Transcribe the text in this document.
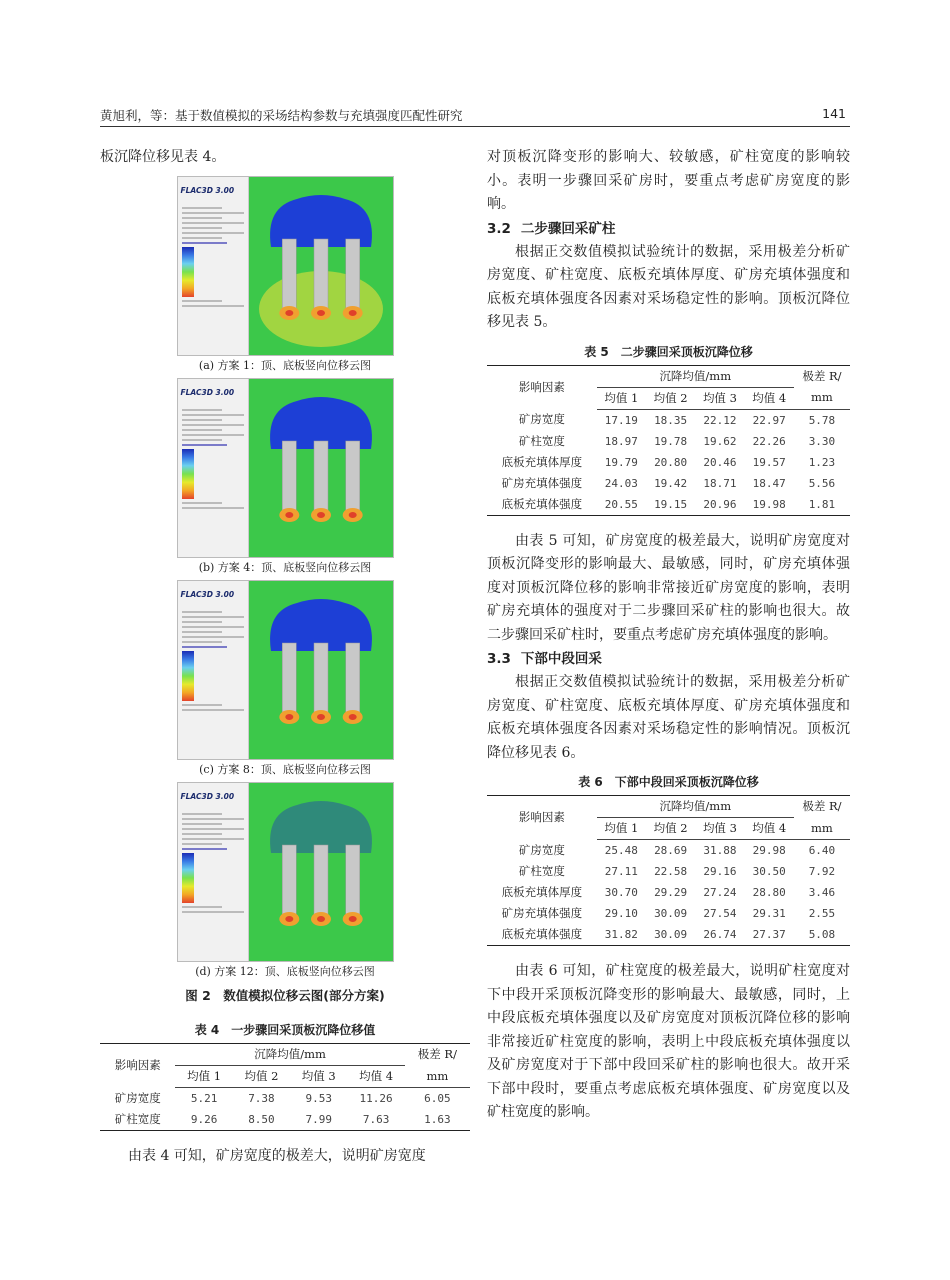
黄旭利，等：基于数值模拟的采场结构参数与充填强度匹配性研究	141

板沉降位移见表 4。

FLAC3D 3.00
(a) 方案 1：顶、底板竖向位移云图
FLAC3D 3.00
(b) 方案 4：顶、底板竖向位移云图
FLAC3D 3.00
(c) 方案 8：顶、底板竖向位移云图
FLAC3D 3.00
(d) 方案 12：顶、底板竖向位移云图
图 2　数值模拟位移云图(部分方案)
表 4　一步骤回采顶板沉降位移值
影响因素	沉降均值/mm				极差 R/
	均值 1	均值 2	均值 3	均值 4	mm
矿房宽度	5.21	7.38	9.53	11.26	6.05
矿柱宽度	9.26	8.50	7.99	7.63	1.63

由表 4 可知，矿房宽度的极差大，说明矿房宽度

对顶板沉降变形的影响大、较敏感，矿柱宽度的影响较小。表明一步骤回采矿房时，要重点考虑矿房宽度的影响。

3.2 二步骤回采矿柱

根据正交数值模拟试验统计的数据，采用极差分析矿房宽度、矿柱宽度、底板充填体厚度、矿房充填体强度和底板充填体强度各因素对采场稳定性的影响。顶板沉降位移见表 5。

表 5　二步骤回采顶板沉降位移
影响因素	沉降均值/mm				极差 R/
	均值 1	均值 2	均值 3	均值 4	mm
矿房宽度	17.19	18.35	22.12	22.97	5.78
矿柱宽度	18.97	19.78	19.62	22.26	3.30
底板充填体厚度	19.79	20.80	20.46	19.57	1.23
矿房充填体强度	24.03	19.42	18.71	18.47	5.56
底板充填体强度	20.55	19.15	20.96	19.98	1.81

由表 5 可知，矿房宽度的极差最大，说明矿房宽度对顶板沉降变形的影响最大、最敏感，同时，矿房充填体强度对顶板沉降位移的影响非常接近矿房宽度的影响，表明矿房充填体的强度对于二步骤回采矿柱的影响也很大。故二步骤回采矿柱时，要重点考虑矿房充填体强度的影响。

3.3 下部中段回采

根据正交数值模拟试验统计的数据，采用极差分析矿房宽度、矿柱宽度、底板充填体厚度、矿房充填体强度和底板充填体强度各因素对采场稳定性的影响情况。顶板沉降位移见表 6。

表 6　下部中段回采顶板沉降位移
影响因素	沉降均值/mm				极差 R/
	均值 1	均值 2	均值 3	均值 4	mm
矿房宽度	25.48	28.69	31.88	29.98	6.40
矿柱宽度	27.11	22.58	29.16	30.50	7.92
底板充填体厚度	30.70	29.29	27.24	28.80	3.46
矿房充填体强度	29.10	30.09	27.54	29.31	2.55
底板充填体强度	31.82	30.09	26.74	27.37	5.08

由表 6 可知，矿柱宽度的极差最大，说明矿柱宽度对下中段开采顶板沉降变形的影响最大、最敏感，同时，上中段底板充填体强度以及矿房宽度对顶板沉降位移的影响非常接近矿柱宽度的影响，表明上中段底板充填体强度以及矿房宽度对于下部中段回采矿柱的影响也很大。故开采下部中段时，要重点考虑底板充填体强度、矿房宽度以及矿柱宽度的影响。
